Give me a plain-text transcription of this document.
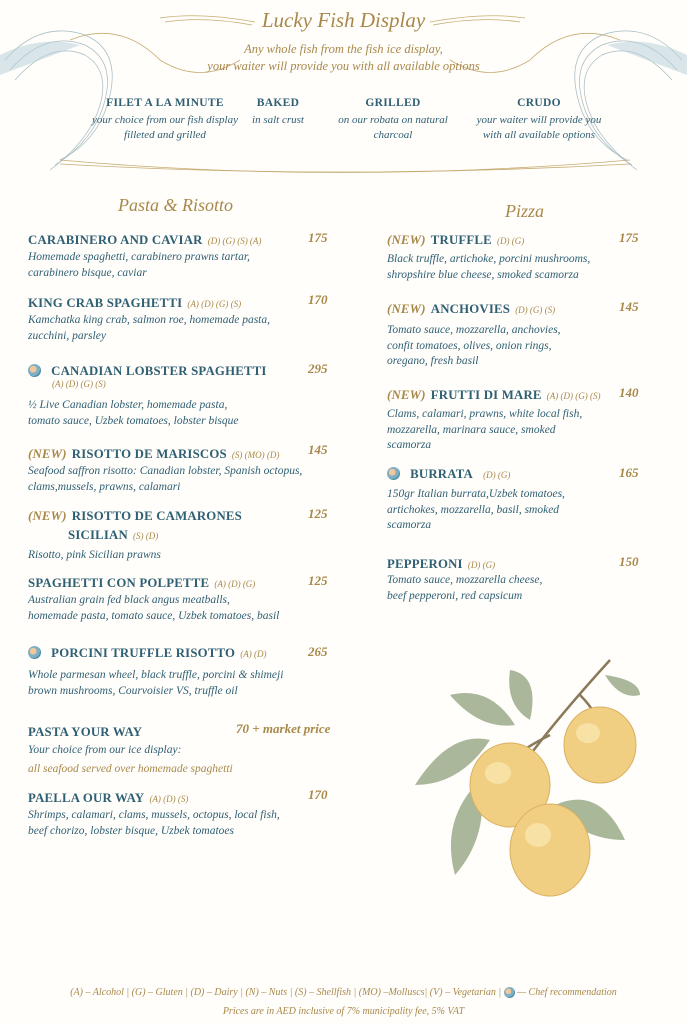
Lucky Fish Display
Any whole fish from the fish ice display,
your waiter will provide you with all available options
FILET A LA MINUTE
your choice from our fish display
filleted and grilled
BAKED
in salt crust
GRILLED
on our robata on natural
charcoal
CRUDO
your waiter will provide you
with all available options
Pasta & Risotto
CARABINERO AND CAVIAR (D) (G) (S) (A)
Homemade spaghetti, carabinero prawns tartar,
carabinero bisque, caviar
175
KING CRAB SPAGHETTI (A) (D) (G) (S)
Kamchatka king crab, salmon roe, homemade pasta,
zucchini, parsley
170
CANADIAN LOBSTER SPAGHETTI
(A) (D) (G) (S)
½ Live Canadian lobster, homemade pasta,
tomato sauce, Uzbek tomatoes, lobster bisque
295
(NEW) RISOTTO DE MARISCOS (S) (MO) (D)
Seafood saffron risotto: Canadian lobster, Spanish octopus,
clams,mussels, prawns, calamari
145
(NEW) RISOTTO DE CAMARONES
SICILIAN (S) (D)
Risotto, pink Sicilian prawns
125
SPAGHETTI CON POLPETTE (A) (D) (G)
Australian grain fed black angus meatballs,
homemade pasta, tomato sauce, Uzbek tomatoes, basil
125
PORCINI TRUFFLE RISOTTO (A) (D)
Whole parmesan wheel, black truffle, porcini & shimeji
brown mushrooms, Courvoisier VS, truffle oil
265
PASTA YOUR WAY
Your choice from our ice display:
all seafood served over homemade spaghetti
70 + market price
PAELLA OUR WAY (A) (D) (S)
Shrimps, calamari, clams, mussels, octopus, local fish,
beef chorizo, lobster bisque, Uzbek tomatoes
170
Pizza
(NEW) TRUFFLE (D) (G)
Black truffle, artichoke, porcini mushrooms,
shropshire blue cheese, smoked scamorza
175
(NEW) ANCHOVIES (D) (G) (S)
Tomato sauce, mozzarella, anchovies,
confit tomatoes, olives, onion rings,
oregano, fresh basil
145
(NEW) FRUTTI DI MARE (A) (D) (G) (S)
Clams, calamari, prawns, white local fish,
mozzarella, marinara sauce, smoked
scamorza
140
BURRATA (D) (G)
150gr Italian burrata,Uzbek tomatoes,
artichokes, mozzarella, basil, smoked
scamorza
165
PEPPERONI (D) (G)
Tomato sauce, mozzarella cheese,
beef pepperoni, red capsicum
150
(A) – Alcohol | (G) – Gluten | (D) – Dairy | (N) – Nuts | (S) – Shellfish | (MO) –Molluscs| (V) – Vegetarian | — Chef recommendation
Prices are in AED inclusive of 7% municipality fee, 5% VAT
